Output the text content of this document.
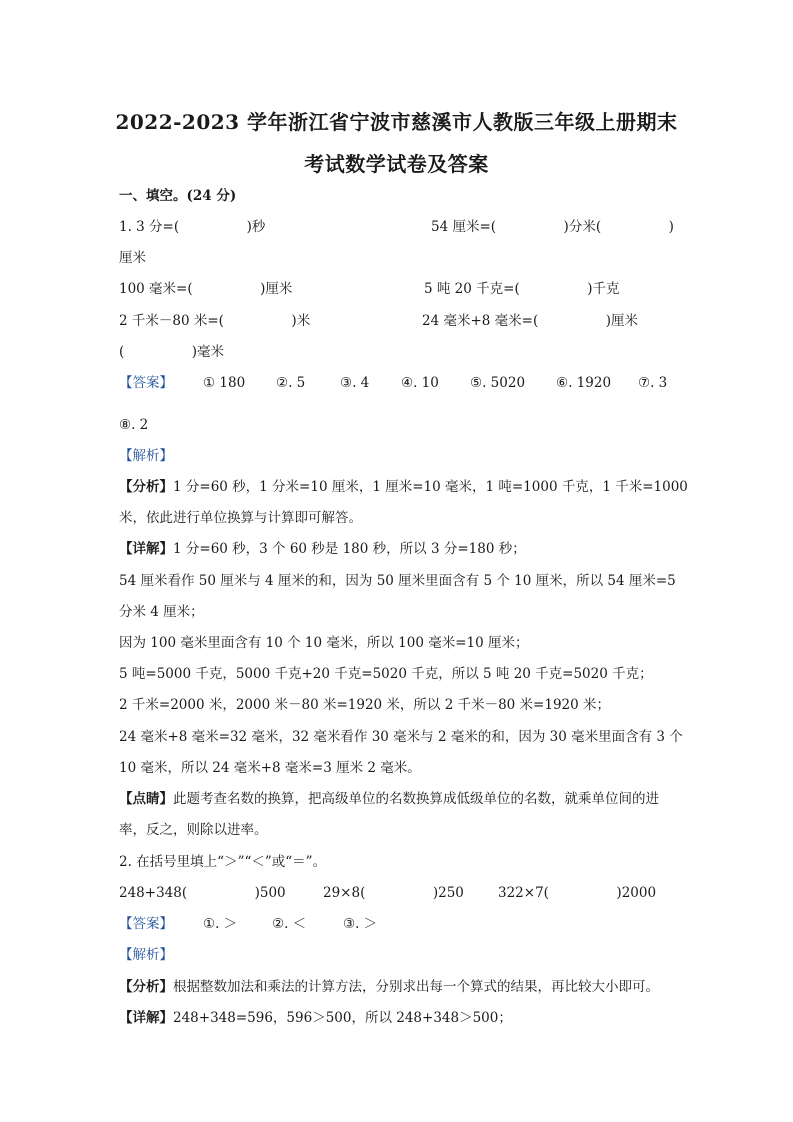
2022-2023 学年浙江省宁波市慈溪市人教版三年级上册期末
考试数学试卷及答案
一、填空。(24 分)
1. 3 分=(　　　　　)秒	54 厘米=(　　　　　)分米(　　　　　)
厘米
100 毫米=(　　　　　)厘米	5 吨 20 千克=(　　　　　)千克
2 千米－80 米=(　　　　　)米	24 毫米+8 毫米=(　　　　　)厘米
(　　　　　)毫米
【答案】 ① 180 ②. 5	③. 4 ④. 10 ⑤. 5020 ⑥. 1920 ⑦. 3
⑧. 2
【解析】
【分析】1 分=60 秒，1 分米=10 厘米，1 厘米=10 毫米，1 吨=1000 千克，1 千米=1000
米，依此进行单位换算与计算即可解答。
【详解】1 分=60 秒，3 个 60 秒是 180 秒，所以 3 分=180 秒；
54 厘米看作 50 厘米与 4 厘米的和，因为 50 厘米里面含有 5 个 10 厘米，所以 54 厘米=5
分米 4 厘米；
因为 100 毫米里面含有 10 个 10 毫米，所以 100 毫米=10 厘米；
5 吨=5000 千克，5000 千克+20 千克=5020 千克，所以 5 吨 20 千克=5020 千克；
2 千米=2000 米，2000 米－80 米=1920 米，所以 2 千米－80 米=1920 米；
24 毫米+8 毫米=32 毫米，32 毫米看作 30 毫米与 2 毫米的和，因为 30 毫米里面含有 3 个
10 毫米，所以 24 毫米+8 毫米=3 厘米 2 毫米。
【点睛】此题考查名数的换算，把高级单位的名数换算成低级单位的名数，就乘单位间的进
率，反之，则除以进率。
2. 在括号里填上“＞”“＜”或“＝”。
248+348(　　　　　)500	29×8(　　　　　)250	322×7(　　　　　)2000
【答案】 ①. ＞	②. ＜	③. ＞
【解析】
【分析】根据整数加法和乘法的计算方法，分别求出每一个算式的结果，再比较大小即可。
【详解】248+348=596，596＞500，所以 248+348＞500；
